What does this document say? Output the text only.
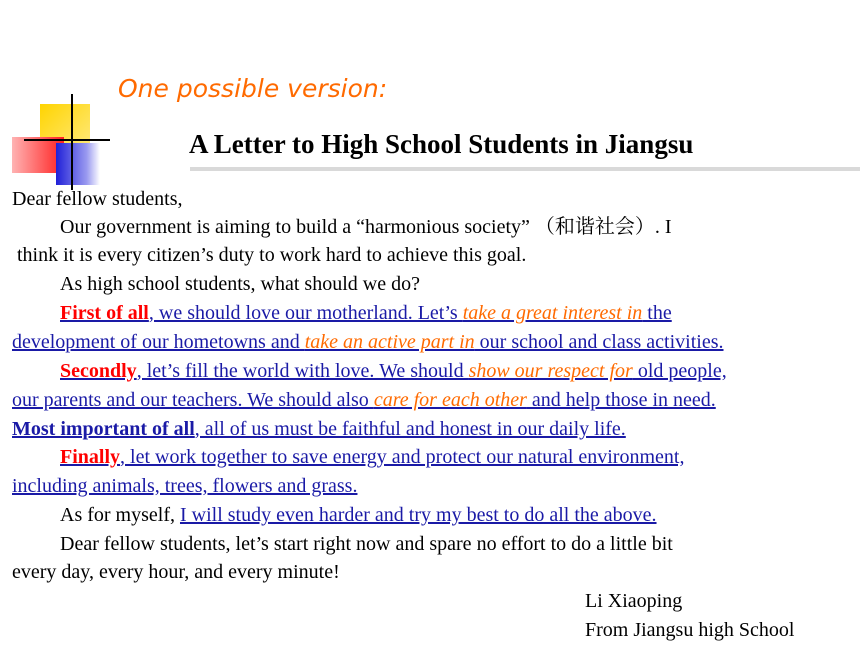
One possible version:
A Letter to High School Students in Jiangsu
Dear fellow students,
Our government is aiming to build a “harmonious society” （和谐社会）. I
think it is every citizen’s duty to work hard to achieve this goal.
As high school students, what should we do?
First of all, we should love our motherland. Let’s take a great interest in the
development of our hometowns and take an active part in our school and class activities.
Secondly, let’s fill the world with love. We should show our respect for old people,
our parents and our teachers. We should also care for each other and help those in need.
Most important of all, all of us must be faithful and honest in our daily life.
Finally, let work together to save energy and protect our natural environment,
including animals, trees, flowers and grass.
As for myself, I will study even harder and try my best to do all the above.
Dear fellow students, let’s start right now and spare no effort to do a little bit
every day, every hour, and every minute!
Li Xiaoping
From Jiangsu high School
